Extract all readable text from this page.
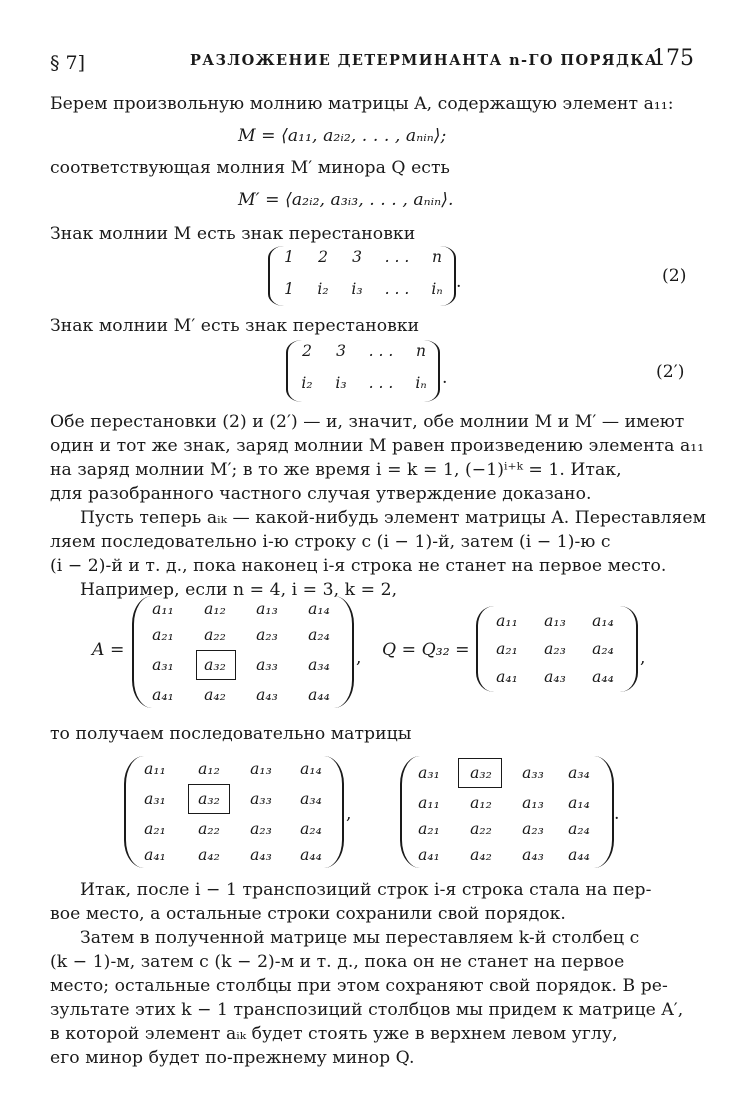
§ 7]	РАЗЛОЖЕНИЕ ДЕТЕРМИНАНТА n-ГО ПОРЯДКА
175
Берем произвольную молнию матрицы A, содержащую элемент a₁₁:
M = ⟨a₁₁, a₂ᵢ₂, . . . , aₙᵢₙ⟩;
соответствующая молния M′ минора Q есть
M′ = ⟨a₂ᵢ₂, a₃ᵢ₃, . . . , aₙᵢₙ⟩.
Знак молнии M есть знак перестановки
1	2	3	. . .	n
1	i₂	i₃	. . .	iₙ .	(2)
Знак молнии M′ есть знак перестановки
2	3	. . .	n
i₂	i₃	. . .	iₙ .	(2′)
Обе перестановки (2) и (2′) — и, значит, обе молнии M и M′ — имеют
один и тот же знак, заряд молнии M равен произведению элемента a₁₁
на заряд молнии M′; в то же время i = k = 1, (−1)ⁱ⁺ᵏ = 1. Итак,
для разобранного частного случая утверждение доказано.
Пусть теперь aᵢₖ — какой-нибудь элемент матрицы A. Переставляем
ляем последовательно i-ю строку с (i − 1)-й, затем (i − 1)-ю с
(i − 2)-й и т. д., пока наконец i-я строка не станет на первое место.
Например, если n = 4, i = 3, k = 2,
A =
a₁₁	a₁₂	a₁₃	a₁₄
a₂₁	a₂₂	a₂₃	a₂₄
a₃₁	a₃₂	a₃₃	a₃₄
a₄₁	a₄₂	a₄₃	a₄₄
, Q = Q₃₂ =
a₁₁	a₁₃	a₁₄
a₂₁	a₂₃	a₂₄
a₄₁	a₄₃	a₄₄
,
то получаем последовательно матрицы
a₁₁	a₁₂	a₁₃	a₁₄
a₃₁	a₃₂	a₃₃	a₃₄
a₂₁	a₂₂	a₂₃	a₂₄
a₄₁	a₄₂	a₄₃	a₄₄
,
a₃₁	a₃₂	a₃₃	a₃₄
a₁₁	a₁₂	a₁₃	a₁₄
a₂₁	a₂₂	a₂₃	a₂₄
a₄₁	a₄₂	a₄₃	a₄₄
.
Итак, после i − 1 транспозиций строк i-я строка стала на пер-
вое место, а остальные строки сохранили свой порядок.
Затем в полученной матрице мы переставляем k-й столбец с
(k − 1)-м, затем с (k − 2)-м и т. д., пока он не станет на первое
место; остальные столбцы при этом сохраняют свой порядок. В ре-
зультате этих k − 1 транспозиций столбцов мы придем к матрице A′,
в которой элемент aᵢₖ будет стоять уже в верхнем левом углу,
его минор будет по-прежнему минор Q.
